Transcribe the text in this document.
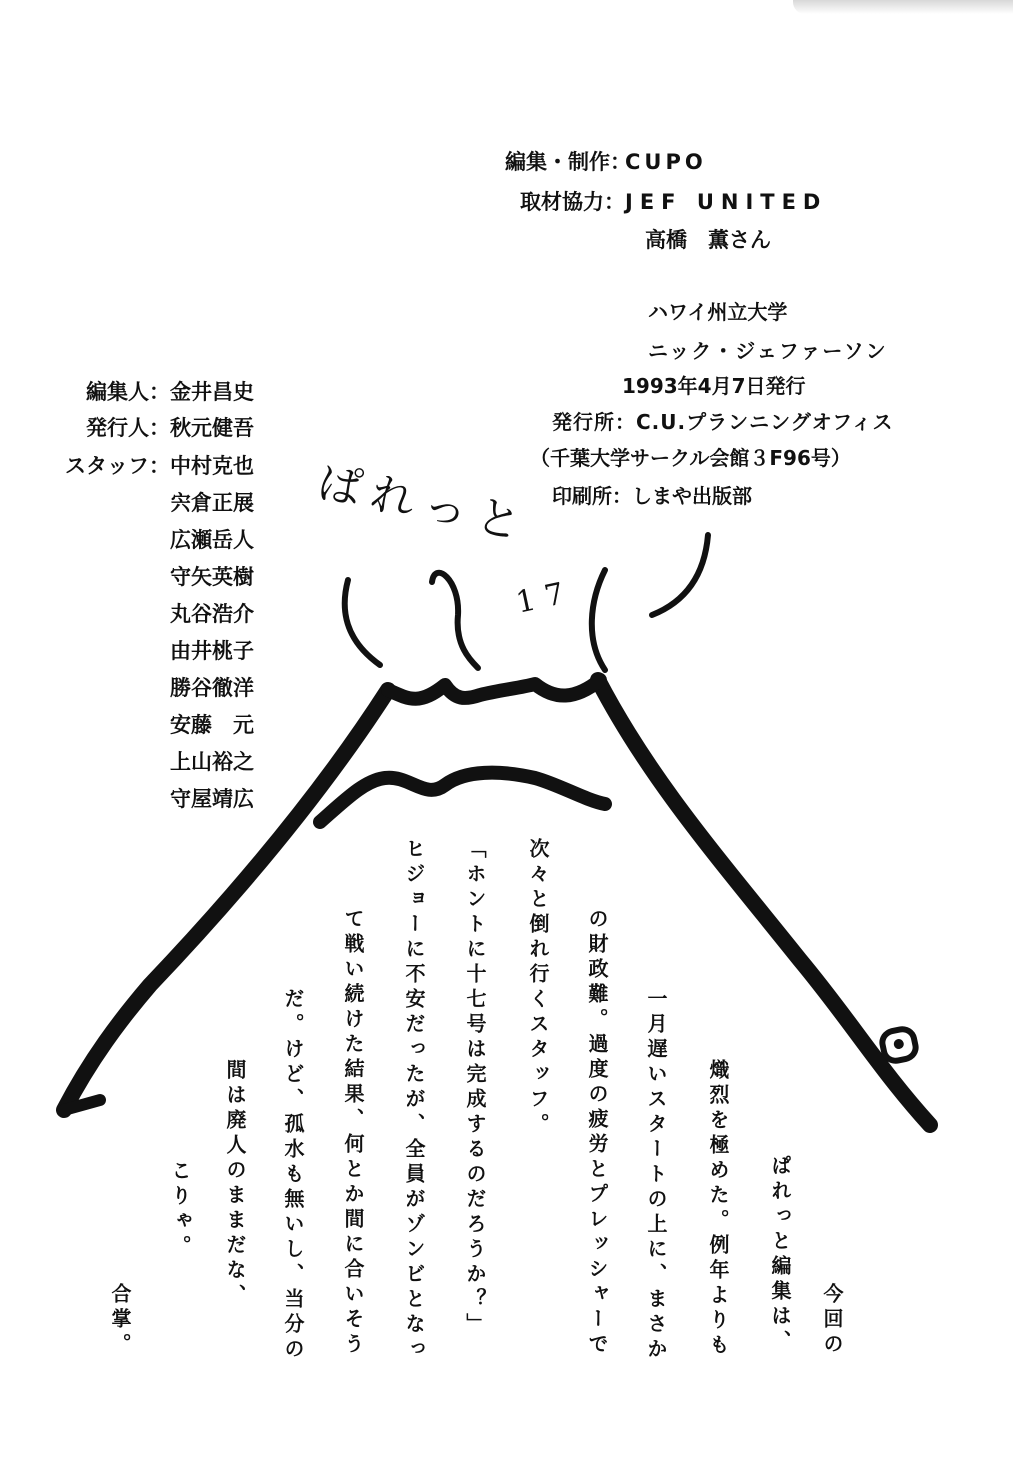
編集・制作：CUPO
取材協力：JEF UNITED
高橋　薫さん
ハワイ州立大学
ニック・ジェファーソン
1993年4月7日発行
発行所：C.U.プランニングオフィス
（千葉大学サークル会館３F96号）
印刷所：しまや出版部
編集人：金井昌史
発行人：秋元健吾
スタッフ：中村克也
宍倉正展
広瀬岳人
守矢英樹
丸谷浩介
由井桃子
勝谷徹洋
安藤　元
上山裕之
守屋靖広
ぱれっと
17
今回の
ぱれっと編集は、
熾烈を極めた。例年よりも
一月遅いスタートの上に、まさか
の財政難。過度の疲労とプレッシャーで
次々と倒れ行くスタッフ。
「ホントに十七号は完成するのだろうか？」
ヒジョーに不安だったが、全員がゾンビとなっ
て戦い続けた結果、何とか間に合いそう
だ。けど、孤水も無いし、当分の
間は廃人のままだな、
こりゃ。
合掌。
